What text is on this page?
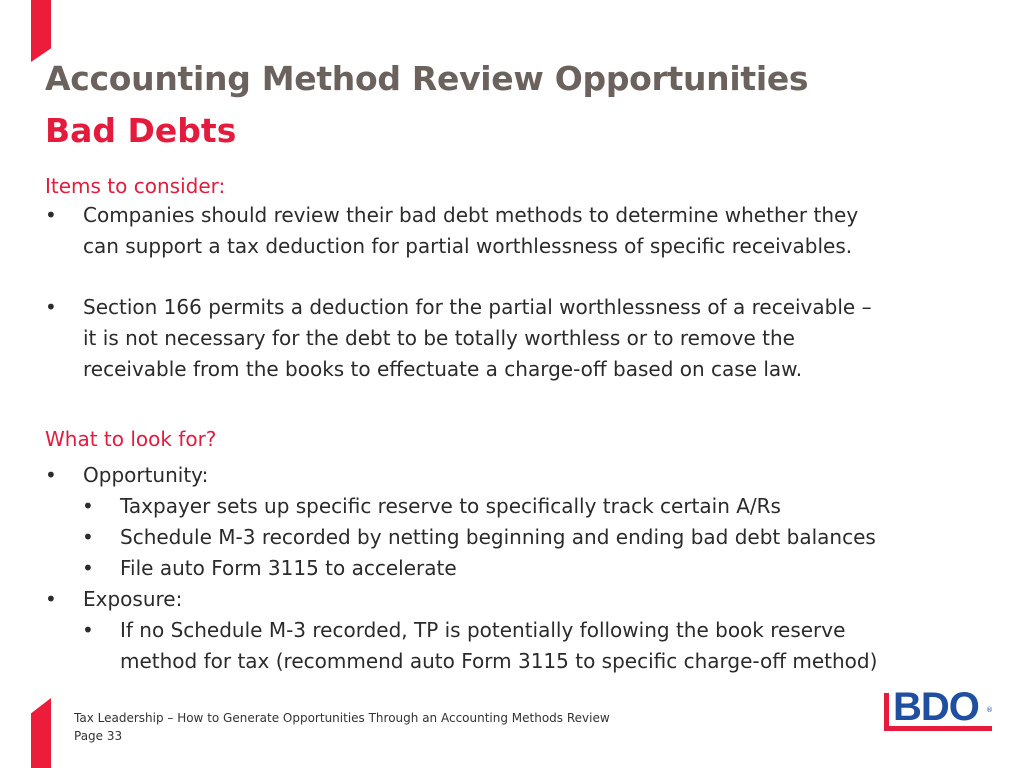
Accounting Method Review Opportunities
Bad Debts
Items to consider:
• Companies should review their bad debt methods to determine whether they
can support a tax deduction for partial worthlessness of specific receivables.
• Section 166 permits a deduction for the partial worthlessness of a receivable –
it is not necessary for the debt to be totally worthless or to remove the
receivable from the books to effectuate a charge-off based on case law.
What to look for?
• Opportunity:
• Taxpayer sets up specific reserve to specifically track certain A/Rs
• Schedule M-3 recorded by netting beginning and ending bad debt balances
• File auto Form 3115 to accelerate
• Exposure:
• If no Schedule M-3 recorded, TP is potentially following the book reserve
method for tax (recommend auto Form 3115 to specific charge-off method)
Tax Leadership – How to Generate Opportunities Through an Accounting Methods Review
Page 33
BDO ®
